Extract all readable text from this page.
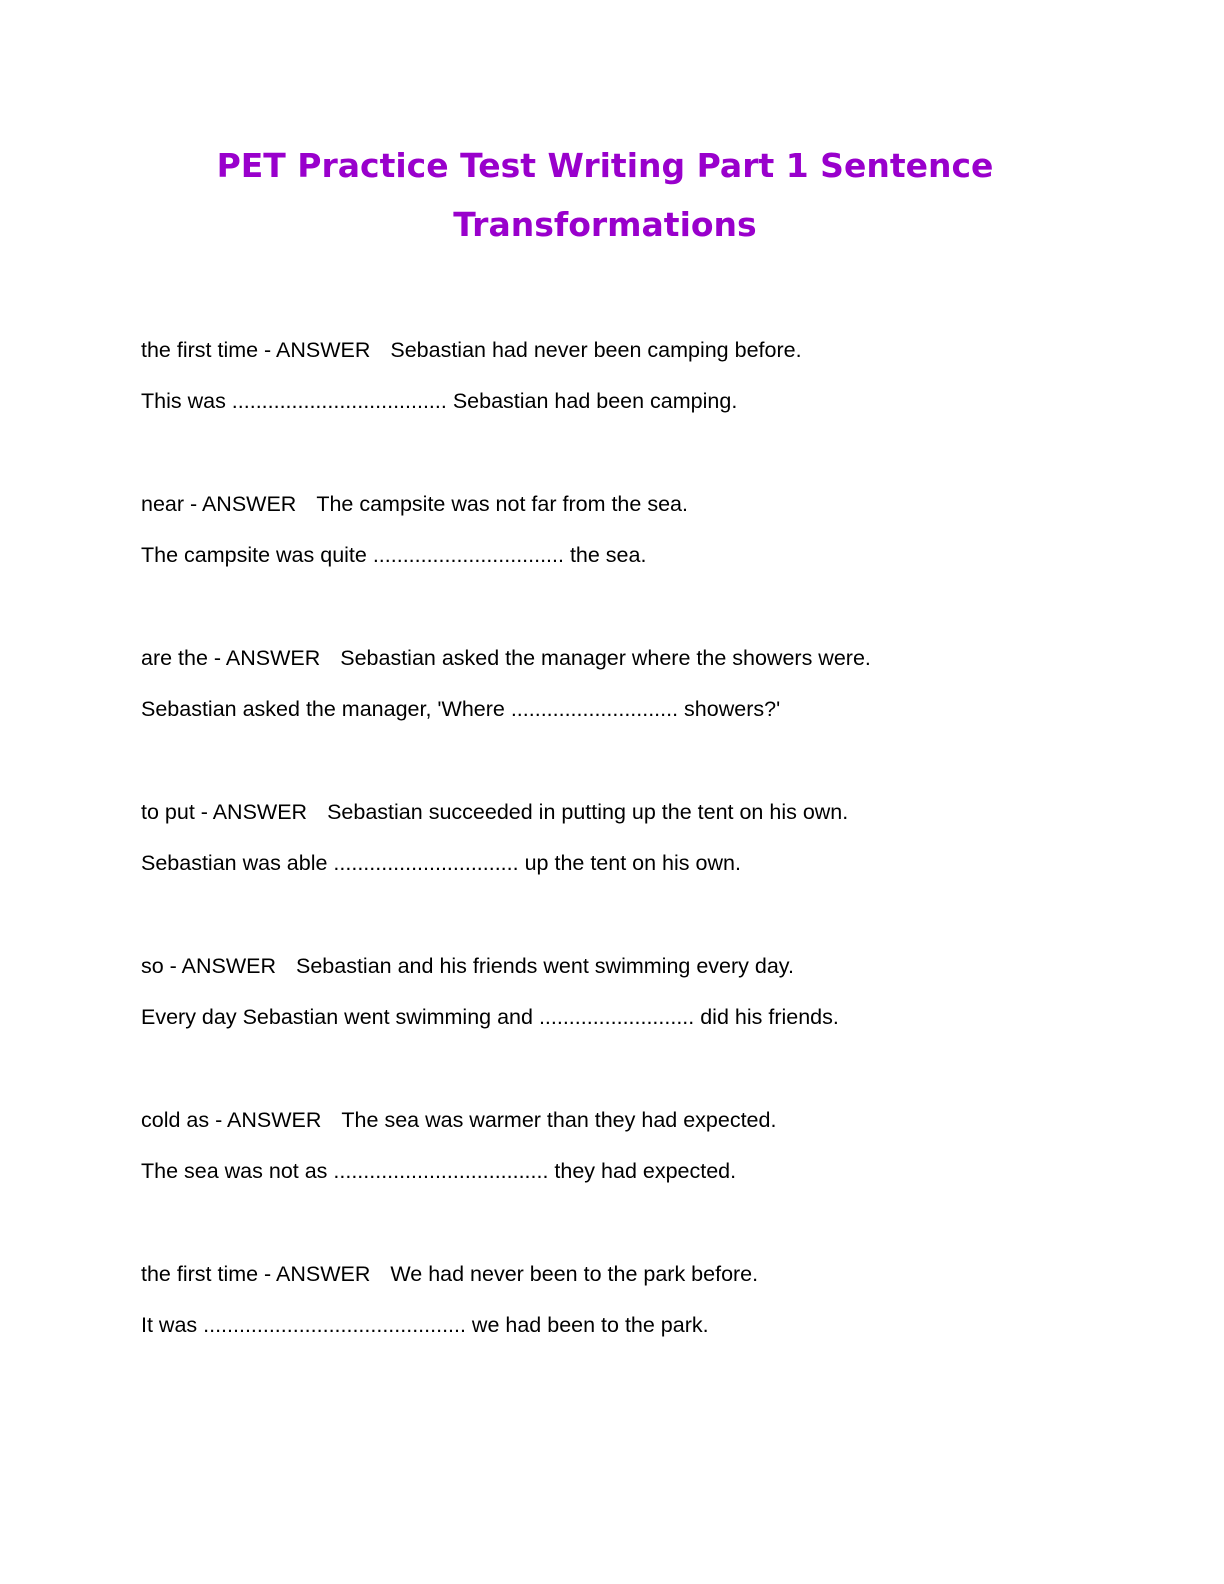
PET Practice Test Writing Part 1 Sentence Transformations
the first time - ANSWER Sebastian had never been camping before.
This was .................................... Sebastian had been camping.
near - ANSWER The campsite was not far from the sea.
The campsite was quite ................................ the sea.
are the - ANSWER Sebastian asked the manager where the showers were.
Sebastian asked the manager, 'Where ............................ showers?'
to put - ANSWER Sebastian succeeded in putting up the tent on his own.
Sebastian was able ............................... up the tent on his own.
so - ANSWER Sebastian and his friends went swimming every day.
Every day Sebastian went swimming and .......................... did his friends.
cold as - ANSWER The sea was warmer than they had expected.
The sea was not as .................................... they had expected.
the first time - ANSWER We had never been to the park before.
It was ............................................ we had been to the park.
